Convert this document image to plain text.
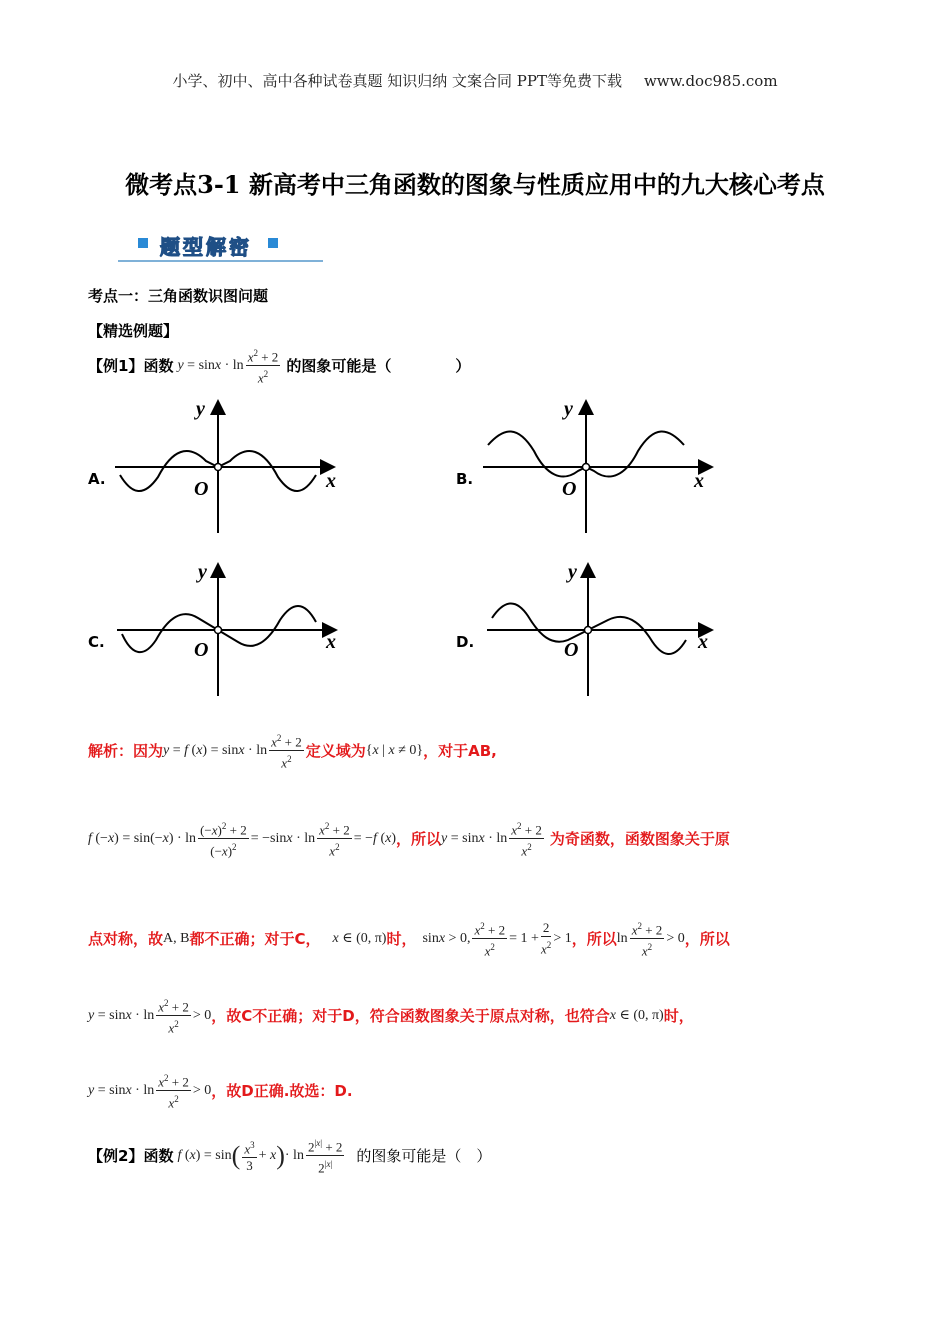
小学、初中、高中各种试卷真题 知识归纳 文案合同 PPT等免费下载 www.doc985.com
微考点3-1 新高考中三角函数的图象与性质应用中的九大核心考点
题型解密
考点一：三角函数识图问题
【精选例题】
【例1】 函数 $y = \sin x \cdot \ln \frac{x^2 + 2}{x^2}$ 的图象可能是（	）
A.	B.
C.	D.
y
x
O
y
x
O
y
x
O
y
x
O
解析：因为 y = f $(x) = \sin x \cdot \ln \frac{x^2 + 2}{x^2}$ 定义域为 {x | x ≠ 0} ，对于AB,
f $(-x) = \sin(-x) \cdot \ln \frac{(-x)^2 + 2}{(-x)^2} = -\sin x \cdot \ln \frac{x^2 + 2}{x^2} = -f$ (x) ，所以 $y = \sin x \cdot \ln \frac{x^2 + 2}{x^2}$ 为奇函数，函数图象关于原
点对称，故 A, B 都不正确；对于C， x ∈ (0, π) 时， sinx > 0, $\frac{x^2 + 2}{x^2} = 1 + \frac{2}{x^2} > 1$ ，所以 $\ln \frac{x^2 + 2}{x^2} > 0$ ，所以
$y = \sin x \cdot \ln \frac{x^2 + 2}{x^2} > 0$ ，故C不正确；对于D，符合函数图象关于原点对称，也符合 x ∈ (0, π) 时，
$y = \sin x \cdot \ln \frac{x^2 + 2}{x^2} > 0$ ，故D正确.故选：D.
【例2】 函数 f (x) = sin ( $\frac{x^3}{3} + x$ ) · $\ln \frac{2^{|x|} + 2}{2^{|x|}}$ 的图象可能是（　）
